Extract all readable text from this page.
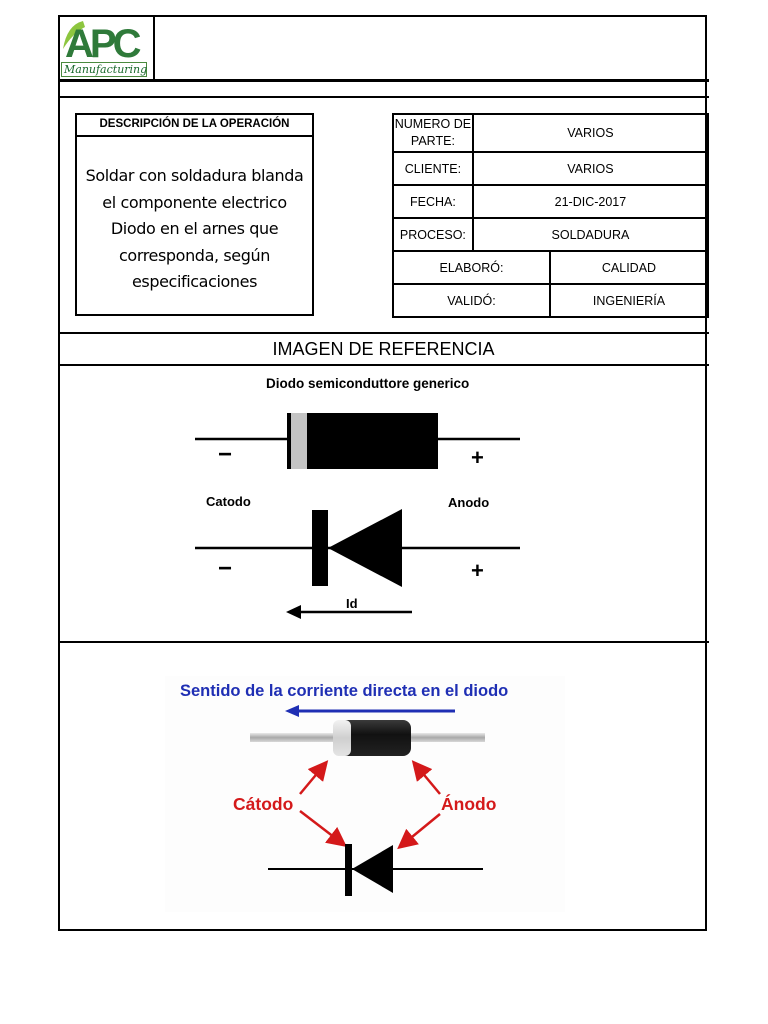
APC
Manufacturing
DESCRIPCIÓN DE LA OPERACIÓN
Soldar con soldadura blanda el componente electrico Diodo en el arnes que corresponda, según especificaciones
NUMERO DE PARTE:	VARIOS	
CLIENTE:	VARIOS	
FECHA:	21-DIC-2017	
PROCESO:	SOLDADURA	
ELABORÓ:		CALIDAD
VALIDÓ:		INGENIERÍA
IMAGEN DE REFERENCIA
Diodo semiconduttore generico
−	+
Catodo	Anodo
−	+
Id
Sentido de la corriente directa en el diodo
Cátodo	Ánodo
